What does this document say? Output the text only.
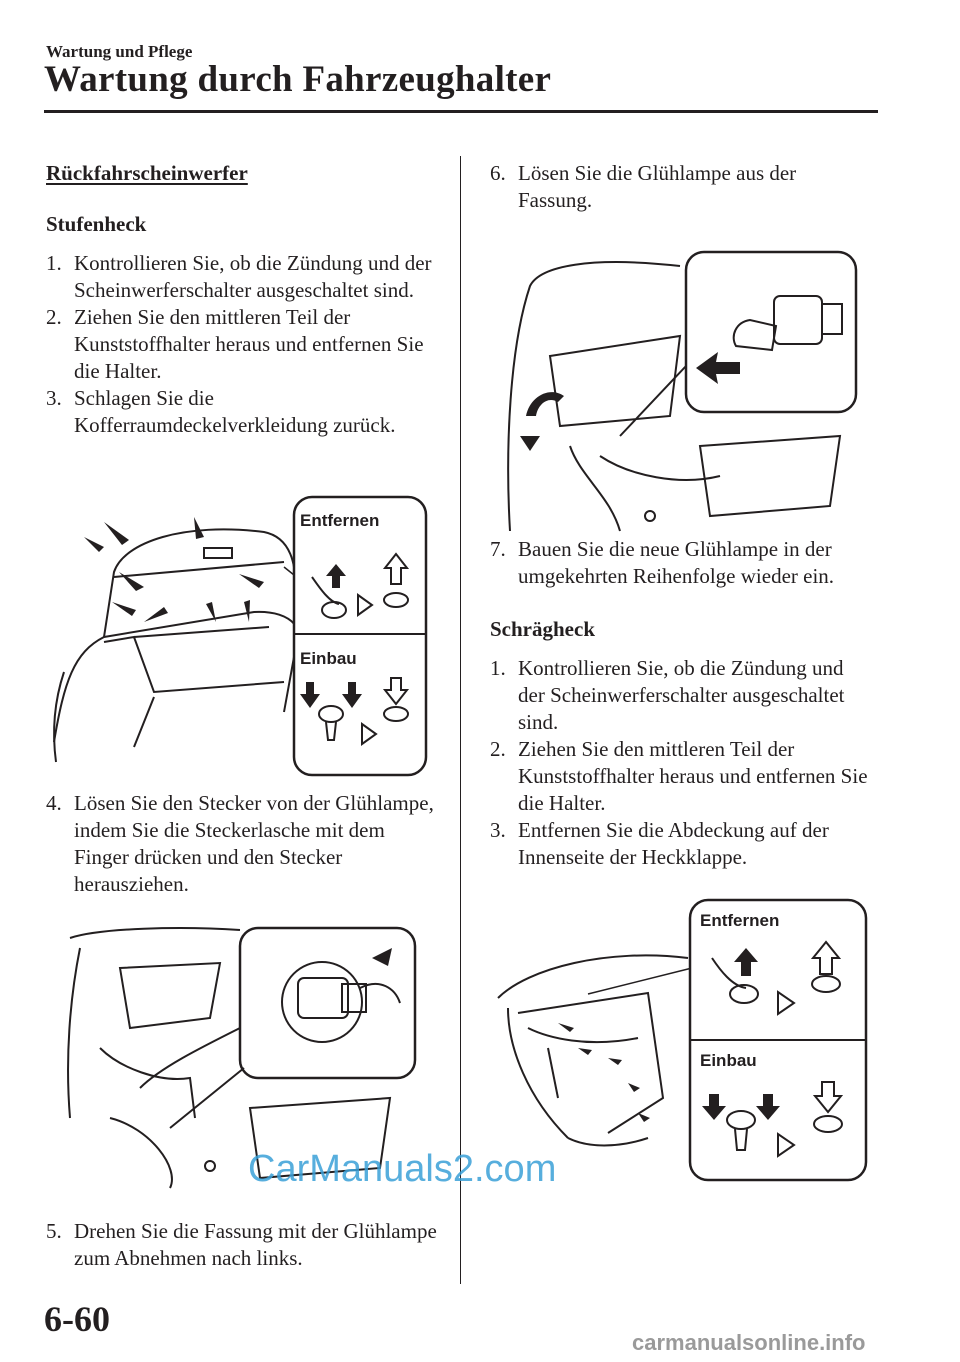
Wartung und Pflege
Wartung durch Fahrzeughalter
Rückfahrscheinwerfer
Stufenheck
1. Kontrollieren Sie, ob die Zündung und der Scheinwerferschalter ausgeschaltet sind.
2. Ziehen Sie den mittleren Teil der Kunststoffhalter heraus und entfernen Sie die Halter.
3. Schlagen Sie die Kofferraumdeckelverkleidung zurück.
Entfernen
Einbau
4. Lösen Sie den Stecker von der Glühlampe, indem Sie die Steckerlasche mit dem Finger drücken und den Stecker herausziehen.
5. Drehen Sie die Fassung mit der Glühlampe zum Abnehmen nach links.
6. Lösen Sie die Glühlampe aus der Fassung.
7. Bauen Sie die neue Glühlampe in der umgekehrten Reihenfolge wieder ein.
Schrägheck
1. Kontrollieren Sie, ob die Zündung und der Scheinwerferschalter ausgeschaltet sind.
2. Ziehen Sie den mittleren Teil der Kunststoffhalter heraus und entfernen Sie die Halter.
3. Entfernen Sie die Abdeckung auf der Innenseite der Heckklappe.
Entfernen
Einbau
6-60
CarManuals2.com
carmanualsonline.info
